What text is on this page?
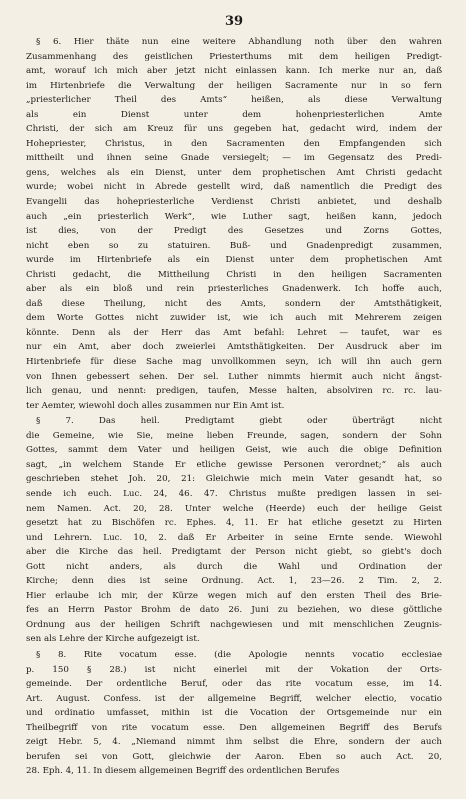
39
§ 6. Hier thäte nun eine weitere Abhandlung noth über den wahren
Zusammenhang des geistlichen Priesterthums mit dem heiligen Predigt-
amt, worauf ich mich aber jetzt nicht einlassen kann. Ich merke nur an, daß
im Hirtenbriefe die Verwaltung der heiligen Sacramente nur in so fern
„priesterlicher Theil des Amts“ heißen, als diese Verwaltung
als ein Dienst unter dem hohenpriesterlichen Amte
Christi, der sich am Kreuz für uns gegeben hat, gedacht wird, indem der
Hohepriester, Christus, in den Sacramenten den Empfangenden sich
mittheilt und ihnen seine Gnade versiegelt; — im Gegensatz des Predi-
gens, welches als ein Dienst, unter dem prophetischen Amt Christi gedacht
wurde; wobei nicht in Abrede gestellt wird, daß namentlich die Predigt des
Evangelii das hohepriesterliche Verdienst Christi anbietet, und deshalb
auch „ein priesterlich Werk“, wie Luther sagt, heißen kann, jedoch
ist dies, von der Predigt des Gesetzes und Zorns Gottes,
nicht eben so zu statuiren. Buß- und Gnadenpredigt zusammen,
wurde im Hirtenbriefe als ein Dienst unter dem prophetischen Amt
Christi gedacht, die Mittheilung Christi in den heiligen Sacramenten
aber als ein bloß und rein priesterliches Gnadenwerk. Ich hoffe auch,
daß diese Theilung, nicht des Amts, sondern der Amtsthätigkeit,
dem Worte Gottes nicht zuwider ist, wie ich auch mit Mehrerem zeigen
könnte. Denn als der Herr das Amt befahl: Lehret — taufet, war es
nur ein Amt, aber doch zweierlei Amtsthätigkeiten. Der Ausdruck aber im
Hirtenbriefe für diese Sache mag unvollkommen seyn, ich will ihn auch gern
von Ihnen gebessert sehen. Der sel. Luther nimmts hiermit auch nicht ängst-
lich genau, und nennt: predigen, taufen, Messe halten, absolviren rc. rc. lau-
ter Aemter, wiewohl doch alles zusammen nur Ein Amt ist.
§ 7. Das heil. Predigtamt giebt oder überträgt nicht
die Gemeine, wie Sie, meine lieben Freunde, sagen, sondern der Sohn
Gottes, sammt dem Vater und heiligen Geist, wie auch die obige Definition
sagt, „in welchem Stande Er etliche gewisse Personen verordnet;“ als auch
geschrieben stehet Joh. 20, 21: Gleichwie mich mein Vater gesandt hat, so
sende ich euch. Luc. 24, 46. 47. Christus mußte predigen lassen in sei-
nem Namen. Act. 20, 28. Unter welche (Heerde) euch der heilige Geist
gesetzt hat zu Bischöfen rc. Ephes. 4, 11. Er hat etliche gesetzt zu Hirten
und Lehrern. Luc. 10, 2. daß Er Arbeiter in seine Ernte sende. Wiewohl
aber die Kirche das heil. Predigtamt der Person nicht giebt, so giebt's doch
Gott nicht anders, als durch die Wahl und Ordination der
Kirche; denn dies ist seine Ordnung. Act. 1, 23—26. 2 Tim. 2, 2.
Hier erlaube ich mir, der Kürze wegen mich auf den ersten Theil des Brie-
fes an Herrn Pastor Brohm de dato 26. Juni zu beziehen, wo diese göttliche
Ordnung aus der heiligen Schrift nachgewiesen und mit menschlichen Zeugnis-
sen als Lehre der Kirche aufgezeigt ist.
§ 8. Rite vocatum esse. (die Apologie nennts vocatio ecclesiae
p. 150 § 28.) ist nicht einerlei mit der Vokation der Orts-
gemeinde. Der ordentliche Beruf, oder das rite vocatum esse, im 14.
Art. August. Confess. ist der allgemeine Begriff, welcher electio, vocatio
und ordinatio umfasset, mithin ist die Vocation der Ortsgemeinde nur ein
Theilbegriff von rite vocatum esse. Den allgemeinen Begriff des Berufs
zeigt Hebr. 5, 4. „Niemand nimmt ihm selbst die Ehre, sondern der auch
berufen sei von Gott, gleichwie der Aaron. Eben so auch Act. 20,
28. Eph. 4, 11. In diesem allgemeinen Begriff des ordentlichen Berufes
